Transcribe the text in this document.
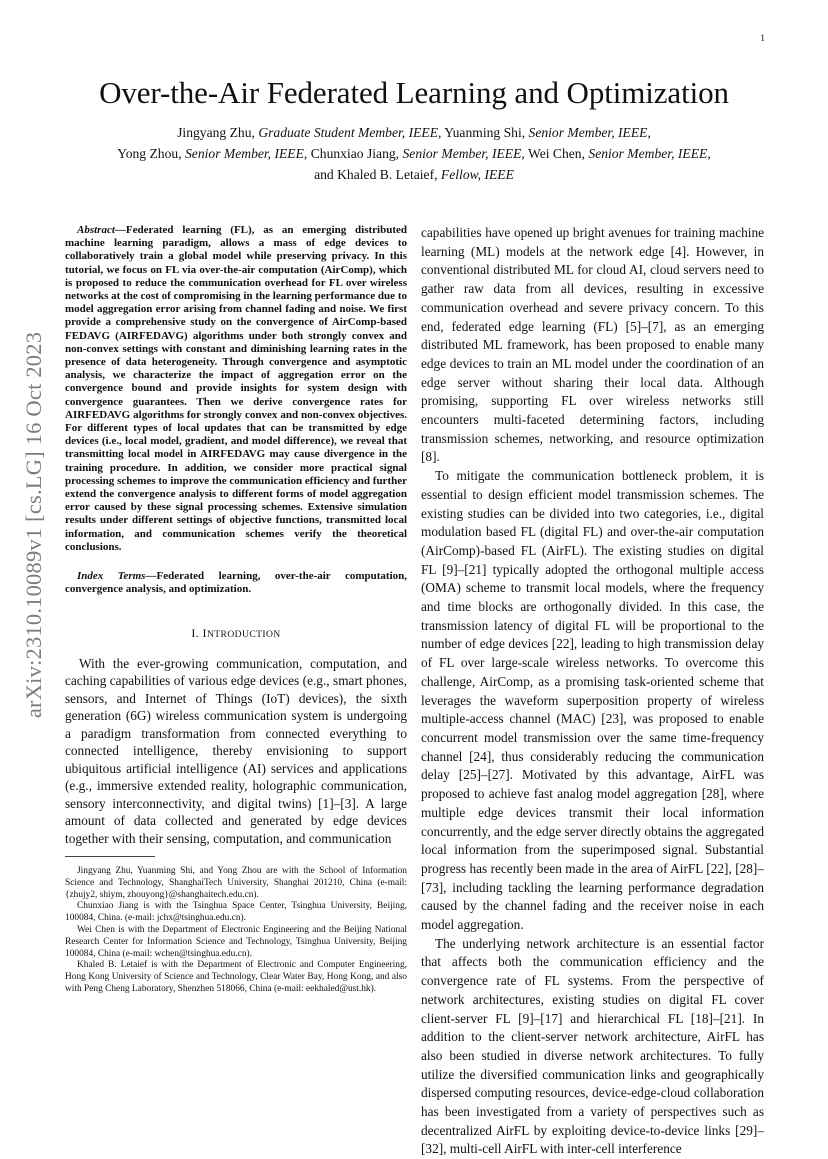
1
arXiv:2310.10089v1 [cs.LG] 16 Oct 2023
Over-the-Air Federated Learning and Optimization
Jingyang Zhu, Graduate Student Member, IEEE, Yuanming Shi, Senior Member, IEEE,
Yong Zhou, Senior Member, IEEE, Chunxiao Jiang, Senior Member, IEEE, Wei Chen, Senior Member, IEEE,
and Khaled B. Letaief, Fellow, IEEE

Abstract—Federated learning (FL), as an emerging distributed machine learning paradigm, allows a mass of edge devices to collaboratively train a global model while preserving privacy. In this tutorial, we focus on FL via over-the-air computation (AirComp), which is proposed to reduce the communication overhead for FL over wireless networks at the cost of compromising in the learning performance due to model aggregation error arising from channel fading and noise. We first provide a comprehensive study on the convergence of AirComp-based FEDAVG (AIRFEDAVG) algorithms under both strongly convex and non-convex settings with constant and diminishing learning rates in the presence of data heterogeneity. Through convergence and asymptotic analysis, we characterize the impact of aggregation error on the convergence bound and provide insights for system design with convergence guarantees. Then we derive convergence rates for AIRFEDAVG algorithms for strongly convex and non-convex objectives. For different types of local updates that can be transmitted by edge devices (i.e., local model, gradient, and model difference), we reveal that transmitting local model in AIRFEDAVG may cause divergence in the training procedure. In addition, we consider more practical signal processing schemes to improve the communication efficiency and further extend the convergence analysis to different forms of model aggregation error caused by these signal processing schemes. Extensive simulation results under different settings of objective functions, transmitted local information, and communication schemes verify the theoretical conclusions.

Index Terms—Federated learning, over-the-air computation, convergence analysis, and optimization.

I. INTRODUCTION

With the ever-growing communication, computation, and caching capabilities of various edge devices (e.g., smart phones, sensors, and Internet of Things (IoT) devices), the sixth generation (6G) wireless communication system is undergoing a paradigm transformation from connected everything to connected intelligence, thereby envisioning to support ubiquitous artificial intelligence (AI) services and applications (e.g., immersive extended reality, holographic communication, sensory interconnectivity, and digital twins) [1]–[3]. A large amount of data collected and generated by edge devices together with their sensing, computation, and communication

Jingyang Zhu, Yuanming Shi, and Yong Zhou are with the School of Information Science and Technology, ShanghaiTech University, Shanghai 201210, China (e-mail: {zhujy2, shiym, zhouyong}@shanghaitech.edu.cn).

Chunxiao Jiang is with the Tsinghua Space Center, Tsinghua University, Beijing, 100084, China. (e-mail: jchx@tsinghua.edu.cn).

Wei Chen is with the Department of Electronic Engineering and the Beijing National Research Center for Information Science and Technology, Tsinghua University, Beijing 100084, China (e-mail: wchen@tsinghua.edu.cn).

Khaled B. Letaief is with the Department of Electronic and Computer Engineering, Hong Kong University of Science and Technology, Clear Water Bay, Hong Kong, and also with Peng Cheng Laboratory, Shenzhen 518066, China (e-mail: eekhaled@ust.hk).

capabilities have opened up bright avenues for training machine learning (ML) models at the network edge [4]. However, in conventional distributed ML for cloud AI, cloud servers need to gather raw data from all devices, resulting in excessive communication overhead and severe privacy concern. To this end, federated edge learning (FL) [5]–[7], as an emerging distributed ML framework, has been proposed to enable many edge devices to train an ML model under the coordination of an edge server without sharing their local data. Although promising, supporting FL over wireless networks still encounters multi-faceted determining factors, including transmission schemes, networking, and resource optimization [8].

To mitigate the communication bottleneck problem, it is essential to design efficient model transmission schemes. The existing studies can be divided into two categories, i.e., digital modulation based FL (digital FL) and over-the-air computation (AirComp)-based FL (AirFL). The existing studies on digital FL [9]–[21] typically adopted the orthogonal multiple access (OMA) scheme to transmit local models, where the frequency and time blocks are orthogonally divided. In this case, the transmission latency of digital FL will be proportional to the number of edge devices [22], leading to high transmission delay of FL over large-scale wireless networks. To overcome this challenge, AirComp, as a promising task-oriented scheme that leverages the waveform superposition property of wireless multiple-access channel (MAC) [23], was proposed to enable concurrent model transmission over the same time-frequency channel [24], thus considerably reducing the communication delay [25]–[27]. Motivated by this advantage, AirFL was proposed to achieve fast analog model aggregation [28], where multiple edge devices transmit their local information concurrently, and the edge server directly obtains the aggregated local information from the superimposed signal. Substantial progress has recently been made in the area of AirFL [22], [28]–[73], including tackling the learning performance degradation caused by the channel fading and the receiver noise in each model aggregation.

The underlying network architecture is an essential factor that affects both the communication efficiency and the convergence rate of FL systems. From the perspective of network architectures, existing studies on digital FL cover client-server FL [9]–[17] and hierarchical FL [18]–[21]. In addition to the client-server network architecture, AirFL has also been studied in diverse network architectures. To fully utilize the diversified communication links and geographically dispersed computing resources, device-edge-cloud collaboration has been investigated from a variety of perspectives such as decentralized AirFL by exploiting device-to-device links [29]–[32], multi-cell AirFL with inter-cell interference
